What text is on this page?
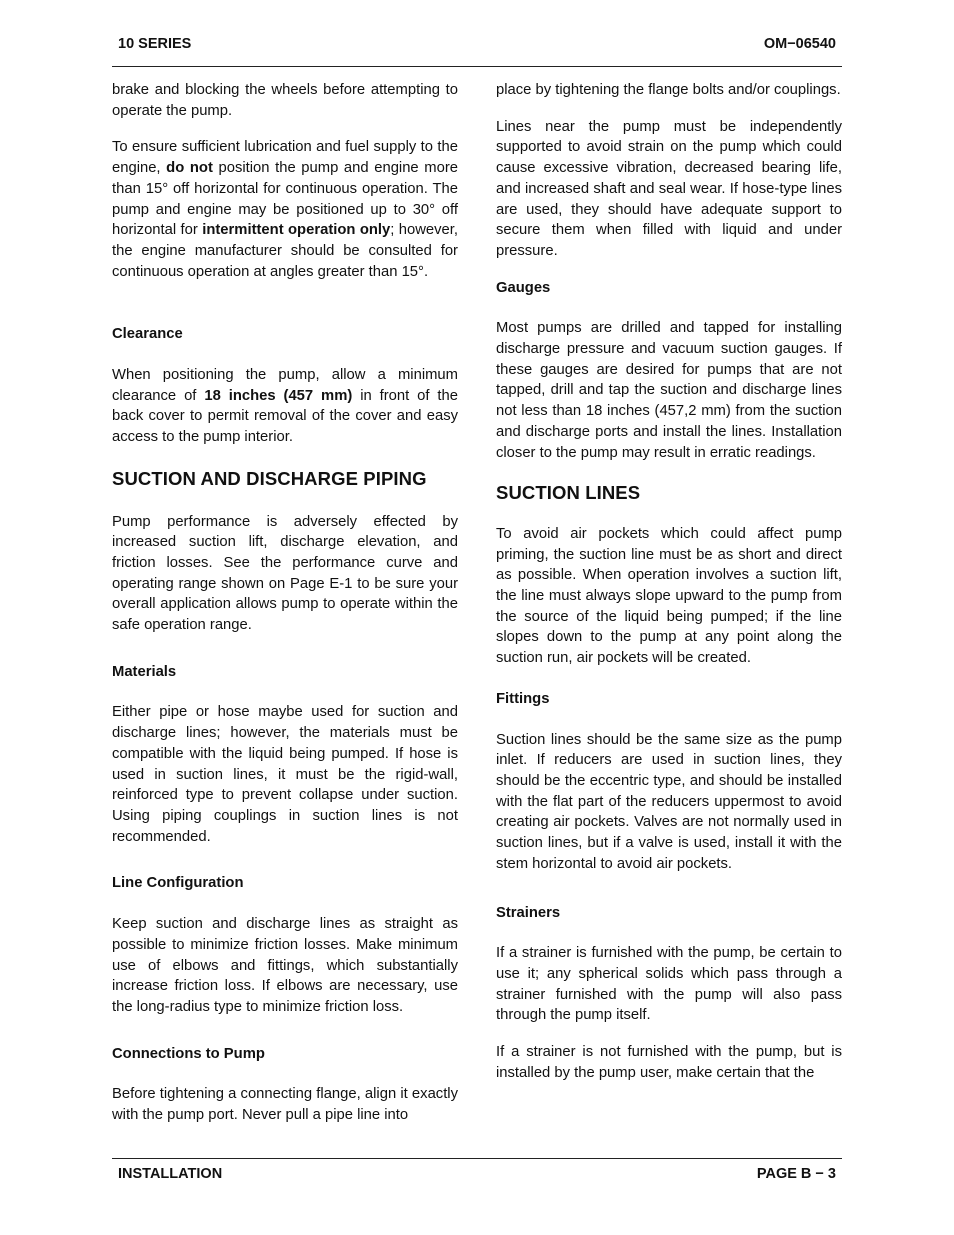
10 SERIES	OM−06540

brake and blocking the wheels before attempting to operate the pump.

To ensure sufficient lubrication and fuel supply to the engine, do not position the pump and engine more than 15° off horizontal for continuous operation. The pump and engine may be positioned up to 30° off horizontal for intermittent operation only; however, the engine manufacturer should be consulted for continuous operation at angles greater than 15°.

Clearance

When positioning the pump, allow a minimum clearance of 18 inches (457 mm) in front of the back cover to permit removal of the cover and easy access to the pump interior.

SUCTION AND DISCHARGE PIPING

Pump performance is adversely effected by increased suction lift, discharge elevation, and friction losses. See the performance curve and operating range shown on Page E-1 to be sure your overall application allows pump to operate within the safe operation range.

Materials

Either pipe or hose maybe used for suction and discharge lines; however, the materials must be compatible with the liquid being pumped. If hose is used in suction lines, it must be the rigid-wall, reinforced type to prevent collapse under suction. Using piping couplings in suction lines is not recommended.

Line Configuration

Keep suction and discharge lines as straight as possible to minimize friction losses. Make minimum use of elbows and fittings, which substantially increase friction loss. If elbows are necessary, use the long-radius type to minimize friction loss.

Connections to Pump

Before tightening a connecting flange, align it exactly with the pump port. Never pull a pipe line into

place by tightening the flange bolts and/or couplings.

Lines near the pump must be independently supported to avoid strain on the pump which could cause excessive vibration, decreased bearing life, and increased shaft and seal wear. If hose-type lines are used, they should have adequate support to secure them when filled with liquid and under pressure.

Gauges

Most pumps are drilled and tapped for installing discharge pressure and vacuum suction gauges. If these gauges are desired for pumps that are not tapped, drill and tap the suction and discharge lines not less than 18 inches (457,2 mm) from the suction and discharge ports and install the lines. Installation closer to the pump may result in erratic readings.

SUCTION LINES

To avoid air pockets which could affect pump priming, the suction line must be as short and direct as possible. When operation involves a suction lift, the line must always slope upward to the pump from the source of the liquid being pumped; if the line slopes down to the pump at any point along the suction run, air pockets will be created.

Fittings

Suction lines should be the same size as the pump inlet. If reducers are used in suction lines, they should be the eccentric type, and should be installed with the flat part of the reducers uppermost to avoid creating air pockets. Valves are not normally used in suction lines, but if a valve is used, install it with the stem horizontal to avoid air pockets.

Strainers

If a strainer is furnished with the pump, be certain to use it; any spherical solids which pass through a strainer furnished with the pump will also pass through the pump itself.

If a strainer is not furnished with the pump, but is installed by the pump user, make certain that the

INSTALLATION	PAGE B − 3
